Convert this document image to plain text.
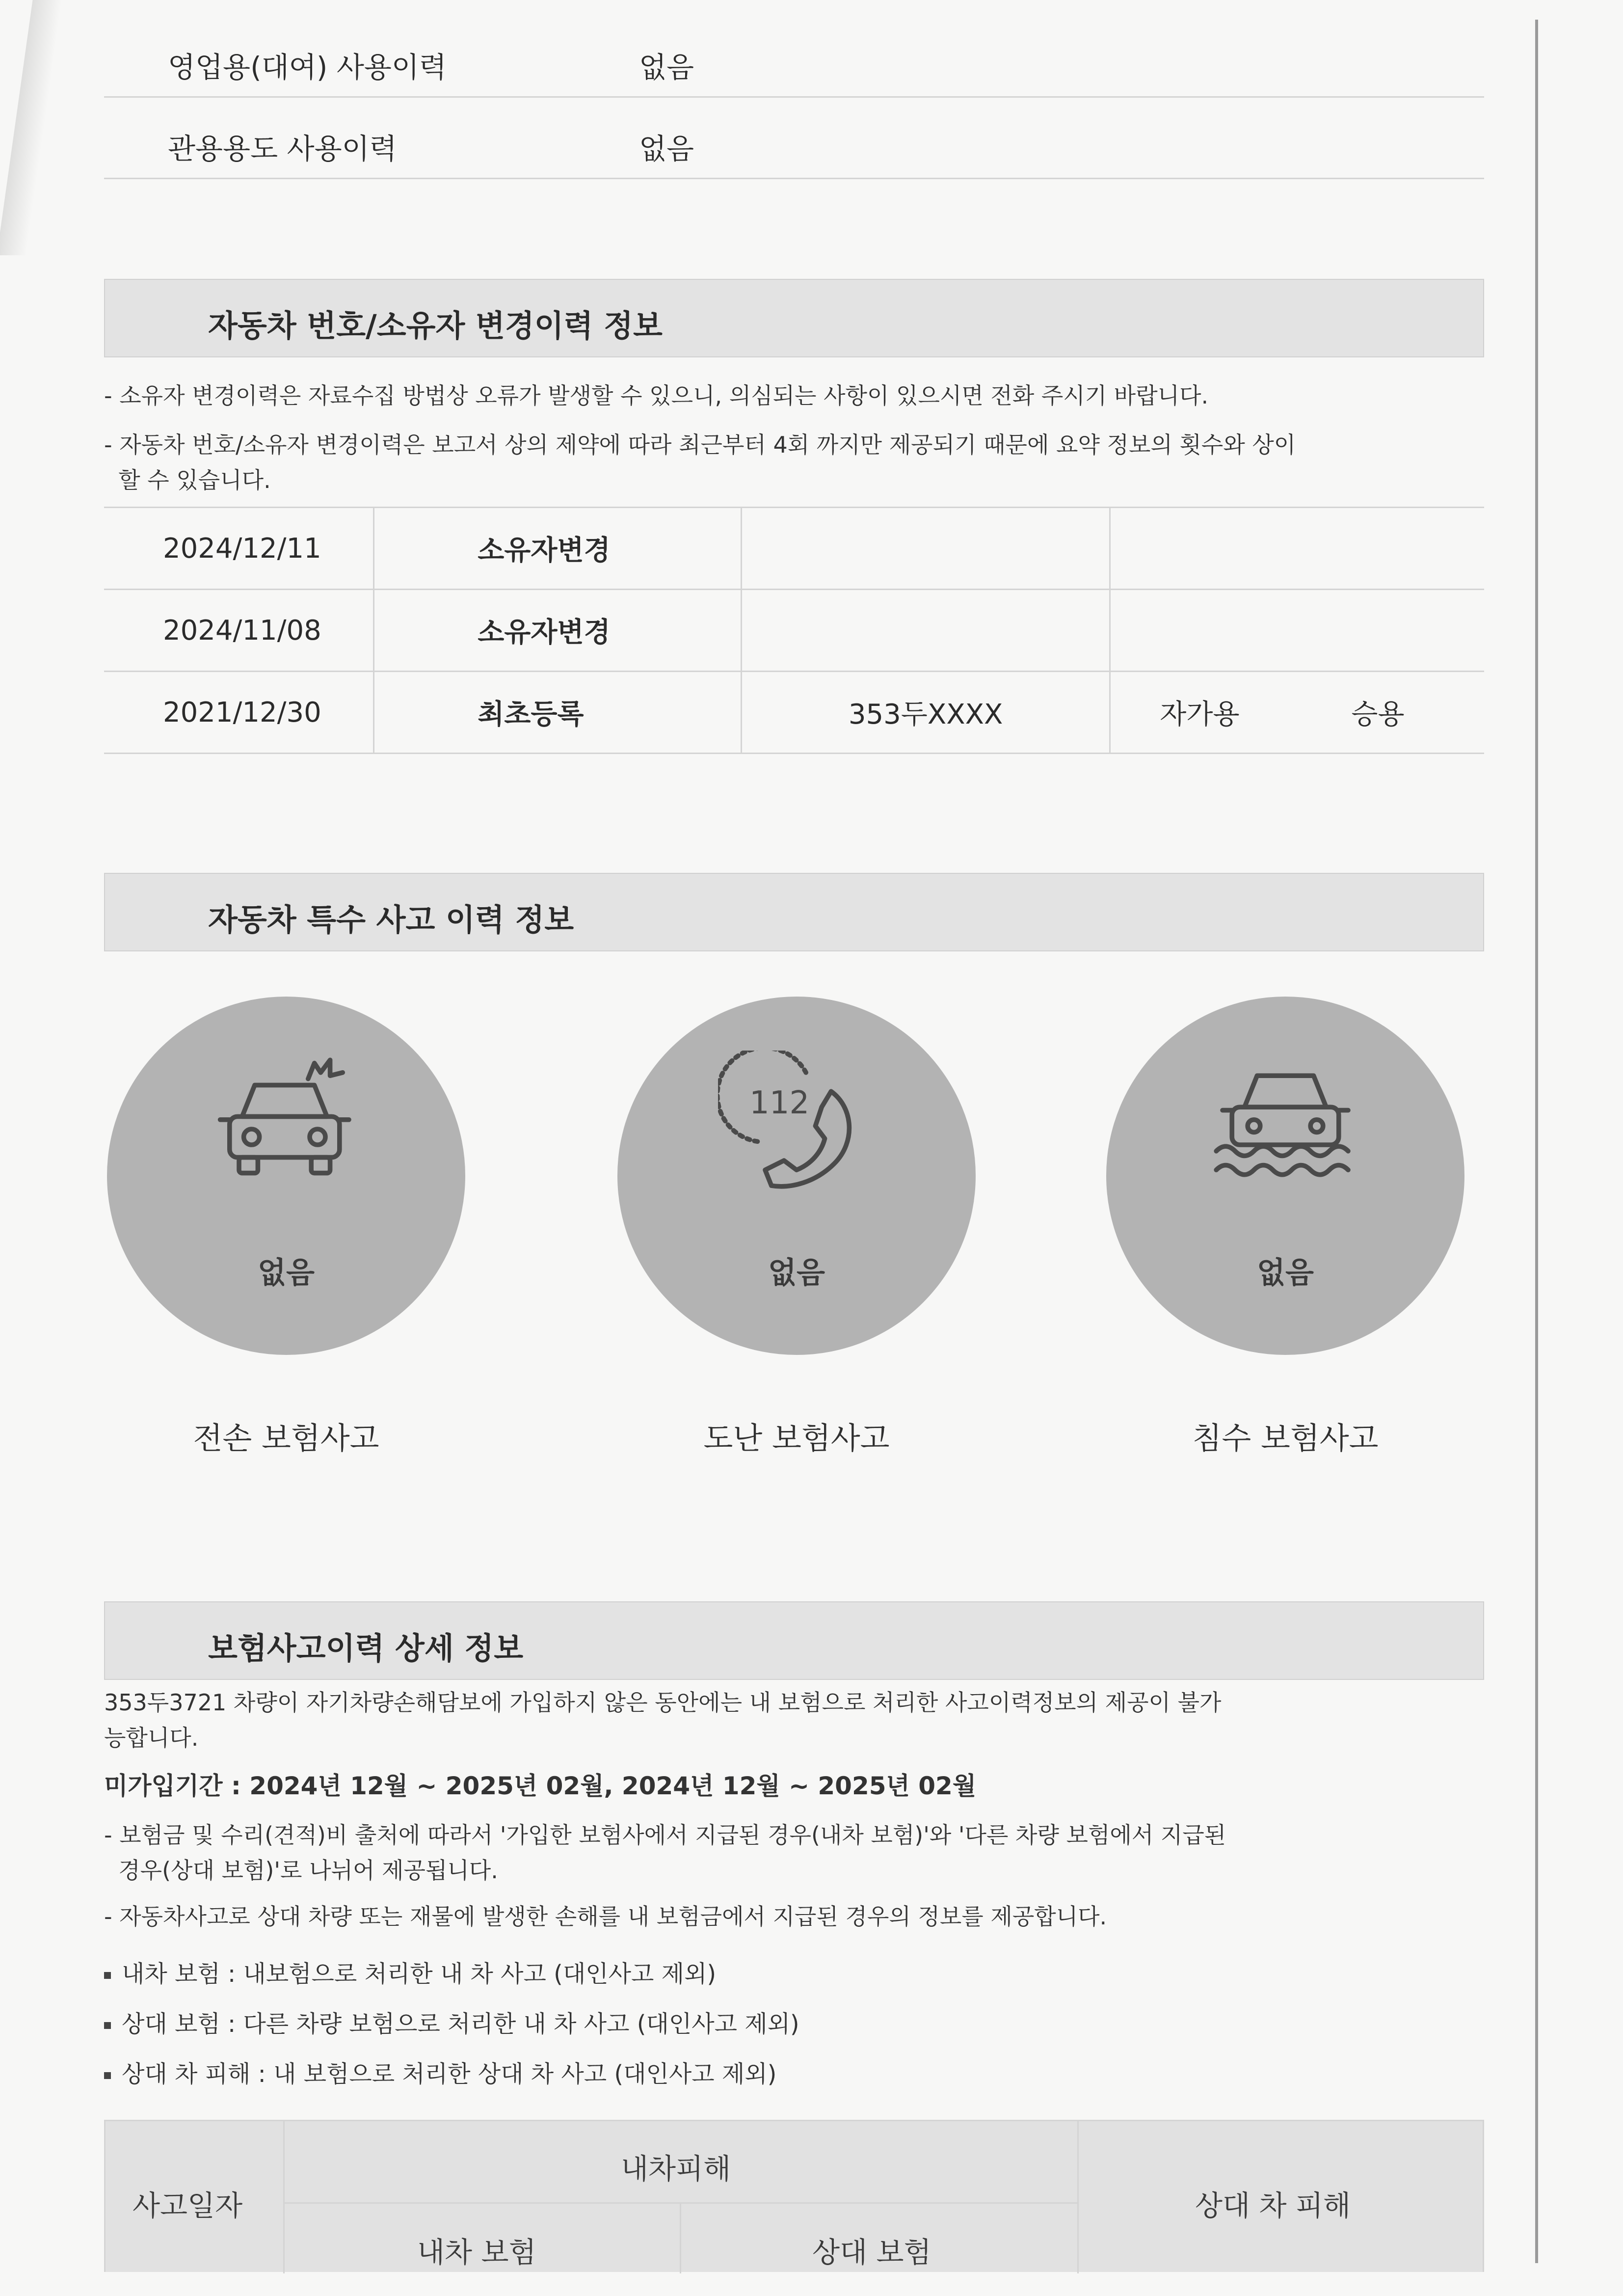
영업용(대여) 사용이력	없음
관용용도 사용이력	없음
자동차 번호/소유자 변경이력 정보
- 소유자 변경이력은 자료수집 방법상 오류가 발생할 수 있으니, 의심되는 사항이 있으시면 전화 주시기 바랍니다.
- 자동차 번호/소유자 변경이력은 보고서 상의 제약에 따라 최근부터 4회 까지만 제공되기 때문에 요약 정보의 횟수와 상이
할 수 있습니다.
2024/12/11	소유자변경		
2024/11/08	소유자변경		
2021/12/30	최초등록	353두XXXX	자가용 승용
자동차 특수 사고 이력 정보
없음
전손 보험사고
112
없음
도난 보험사고
없음
침수 보험사고
보험사고이력 상세 정보
353두3721 차량이 자기차량손해담보에 가입하지 않은 동안에는 내 보험으로 처리한 사고이력정보의 제공이 불가
능합니다.
미가입기간 : 2024년 12월 ~ 2025년 02월, 2024년 12월 ~ 2025년 02월
- 보험금 및 수리(견적)비 출처에 따라서 '가입한 보험사에서 지급된 경우(내차 보험)'와 '다른 차량 보험에서 지급된
경우(상대 보험)'로 나뉘어 제공됩니다.
- 자동차사고로 상대 차량 또는 재물에 발생한 손해를 내 보험금에서 지급된 경우의 정보를 제공합니다.
내차 보험 : 내보험으로 처리한 내 차 사고 (대인사고 제외)
상대 보험 : 다른 차량 보험으로 처리한 내 차 사고 (대인사고 제외)
상대 차 피해 : 내 보험으로 처리한 상대 차 사고 (대인사고 제외)
사고일자
내차피해
내차 보험	상대 보험
상대 차 피해
